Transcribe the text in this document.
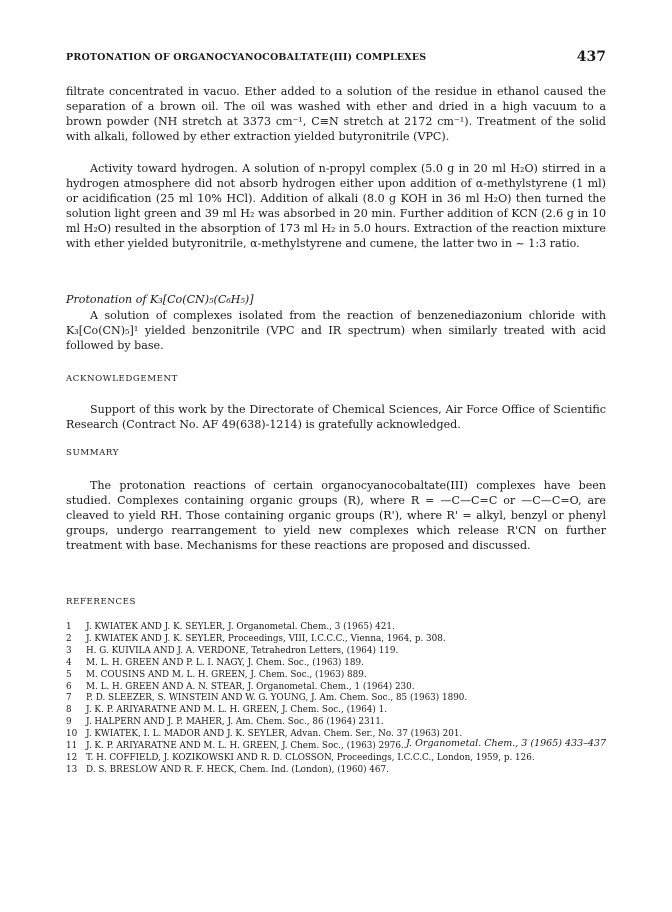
PROTONATION OF ORGANOCYANOCOBALTATE(III) COMPLEXES	437

filtrate concentrated in vacuo. Ether added to a solution of the residue in ethanol caused the separation of a brown oil. The oil was washed with ether and dried in a high vacuum to a brown powder (NH stretch at 3373 cm⁻¹, C≡N stretch at 2172 cm⁻¹). Treatment of the solid with alkali, followed by ether extraction yielded butyronitrile (VPC).

Activity toward hydrogen. A solution of n-propyl complex (5.0 g in 20 ml H₂O) stirred in a hydrogen atmosphere did not absorb hydrogen either upon addition of α-methylstyrene (1 ml) or acidification (25 ml 10% HCl). Addition of alkali (8.0 g KOH in 36 ml H₂O) then turned the solution light green and 39 ml H₂ was absorbed in 20 min. Further addition of KCN (2.6 g in 10 ml H₂O) resulted in the absorption of 173 ml H₂ in 5.0 hours. Extraction of the reaction mixture with ether yielded butyronitrile, α-methylstyrene and cumene, the latter two in ~ 1:3 ratio.

Protonation of K₃[Co(CN)₅(C₆H₅)]

A solution of complexes isolated from the reaction of benzenediazonium chloride with K₃[Co(CN)₅]¹ yielded benzonitrile (VPC and IR spectrum) when similarly treated with acid followed by base.

ACKNOWLEDGEMENT

Support of this work by the Directorate of Chemical Sciences, Air Force Office of Scientific Research (Contract No. AF 49(638)-1214) is gratefully acknowledged.

SUMMARY

The protonation reactions of certain organocyanocobaltate(III) complexes have been studied. Complexes containing organic groups (R), where R = —C—C=C or —C—C=O, are cleaved to yield RH. Those containing organic groups (R'), where R' = alkyl, benzyl or phenyl groups, undergo rearrangement to yield new complexes which release R'CN on further treatment with base. Mechanisms for these reactions are proposed and discussed.

REFERENCES
1	J. KWIATEK AND J. K. SEYLER, J. Organometal. Chem., 3 (1965) 421.
2	J. KWIATEK AND J. K. SEYLER, Proceedings, VIII, I.C.C.C., Vienna, 1964, p. 308.
3	H. G. KUIVILA AND J. A. VERDONE, Tetrahedron Letters, (1964) 119.
4	M. L. H. GREEN AND P. L. I. NAGY, J. Chem. Soc., (1963) 189.
5	M. COUSINS AND M. L. H. GREEN, J. Chem. Soc., (1963) 889.
6	M. L. H. GREEN AND A. N. STEAR, J. Organometal. Chem., 1 (1964) 230.
7	P. D. SLEEZER, S. WINSTEIN AND W. G. YOUNG, J. Am. Chem. Soc., 85 (1963) 1890.
8	J. K. P. ARIYARATNE AND M. L. H. GREEN, J. Chem. Soc., (1964) 1.
9	J. HALPERN AND J. P. MAHER, J. Am. Chem. Soc., 86 (1964) 2311.
10 J. KWIATEK, I. L. MADOR AND J. K. SEYLER, Advan. Chem. Ser., No. 37 (1963) 201.
11 J. K. P. ARIYARATNE AND M. L. H. GREEN, J. Chem. Soc., (1963) 2976.
12 T. H. COFFIELD, J. KOZIKOWSKI AND R. D. CLOSSON, Proceedings, I.C.C.C., London, 1959, p. 126.
13 D. S. BRESLOW AND R. F. HECK, Chem. Ind. (London), (1960) 467.
J. Organometal. Chem., 3 (1965) 433–437
